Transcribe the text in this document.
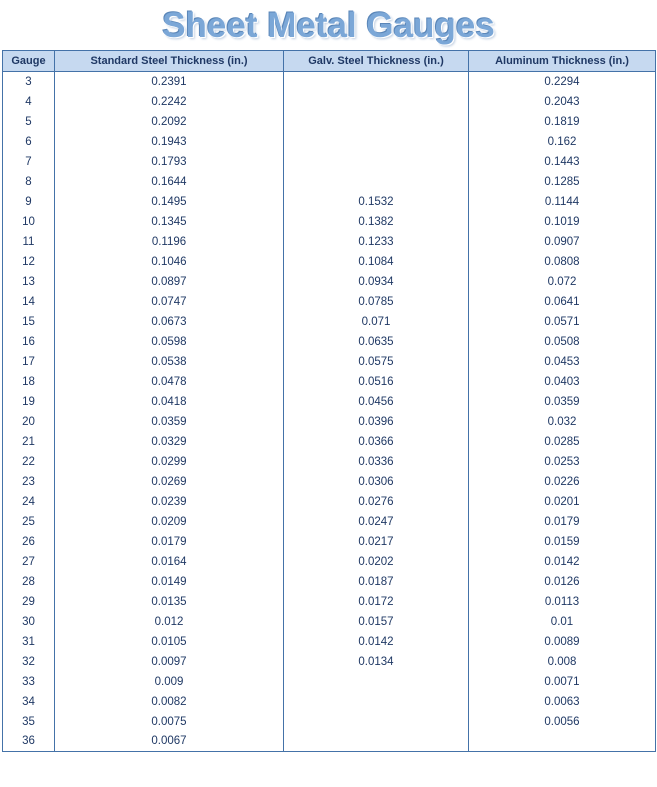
Sheet Metal Gauges
Gauge	Standard Steel Thickness (in.)	Galv. Steel Thickness (in.)	Aluminum Thickness (in.)
3	0.2391		0.2294
4	0.2242		0.2043
5	0.2092		0.1819
6	0.1943		0.162
7	0.1793		0.1443
8	0.1644		0.1285
9	0.1495	0.1532	0.1144
10	0.1345	0.1382	0.1019
11	0.1196	0.1233	0.0907
12	0.1046	0.1084	0.0808
13	0.0897	0.0934	0.072
14	0.0747	0.0785	0.0641
15	0.0673	0.071	0.0571
16	0.0598	0.0635	0.0508
17	0.0538	0.0575	0.0453
18	0.0478	0.0516	0.0403
19	0.0418	0.0456	0.0359
20	0.0359	0.0396	0.032
21	0.0329	0.0366	0.0285
22	0.0299	0.0336	0.0253
23	0.0269	0.0306	0.0226
24	0.0239	0.0276	0.0201
25	0.0209	0.0247	0.0179
26	0.0179	0.0217	0.0159
27	0.0164	0.0202	0.0142
28	0.0149	0.0187	0.0126
29	0.0135	0.0172	0.0113
30	0.012	0.0157	0.01
31	0.0105	0.0142	0.0089
32	0.0097	0.0134	0.008
33	0.009		0.0071
34	0.0082		0.0063
35	0.0075		0.0056
36	0.0067		
